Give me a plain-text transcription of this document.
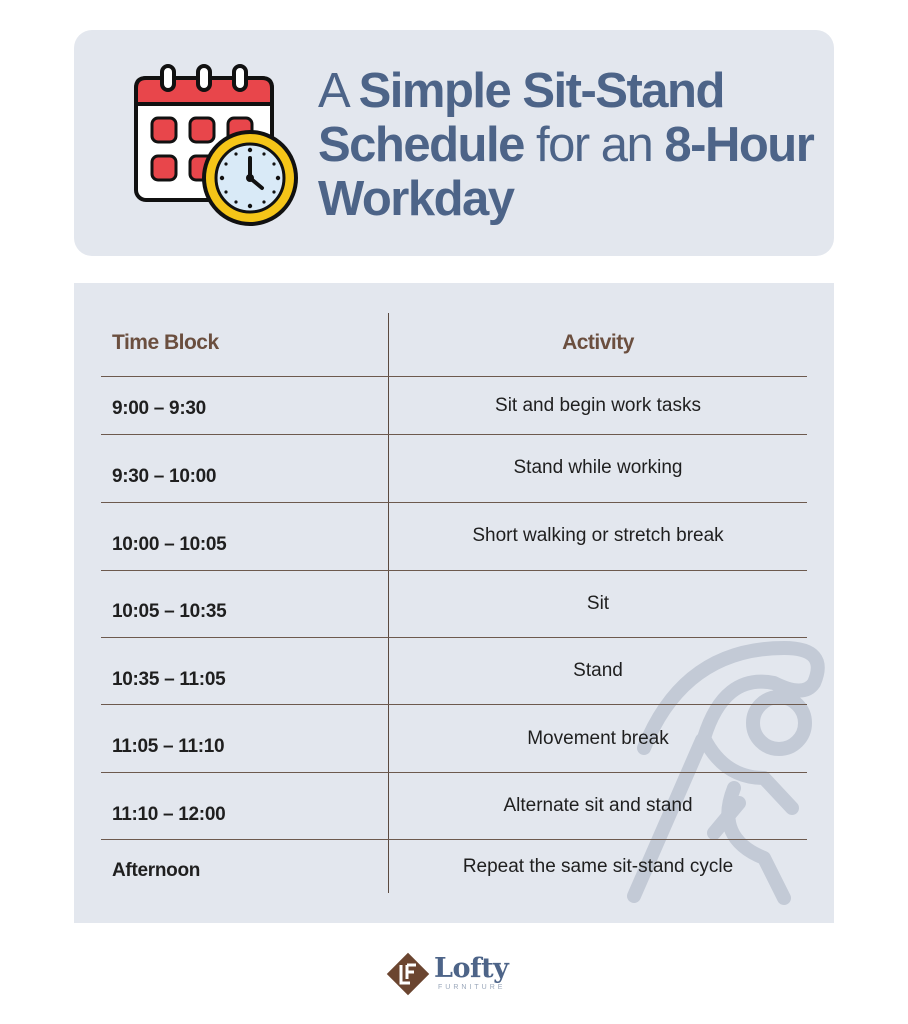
A Simple Sit-Stand Schedule for an 8-Hour Workday
Time Block	Activity
9:00 – 9:30	Sit and begin work tasks
9:30 – 10:00	Stand while working
10:00 – 10:05	Short walking or stretch break
10:05 – 10:35	Sit
10:35 – 11:05	Stand
11:05 – 11:10	Movement break
11:10 – 12:00	Alternate sit and stand
Afternoon	Repeat the same sit-stand cycle
Lofty
FURNITURE
